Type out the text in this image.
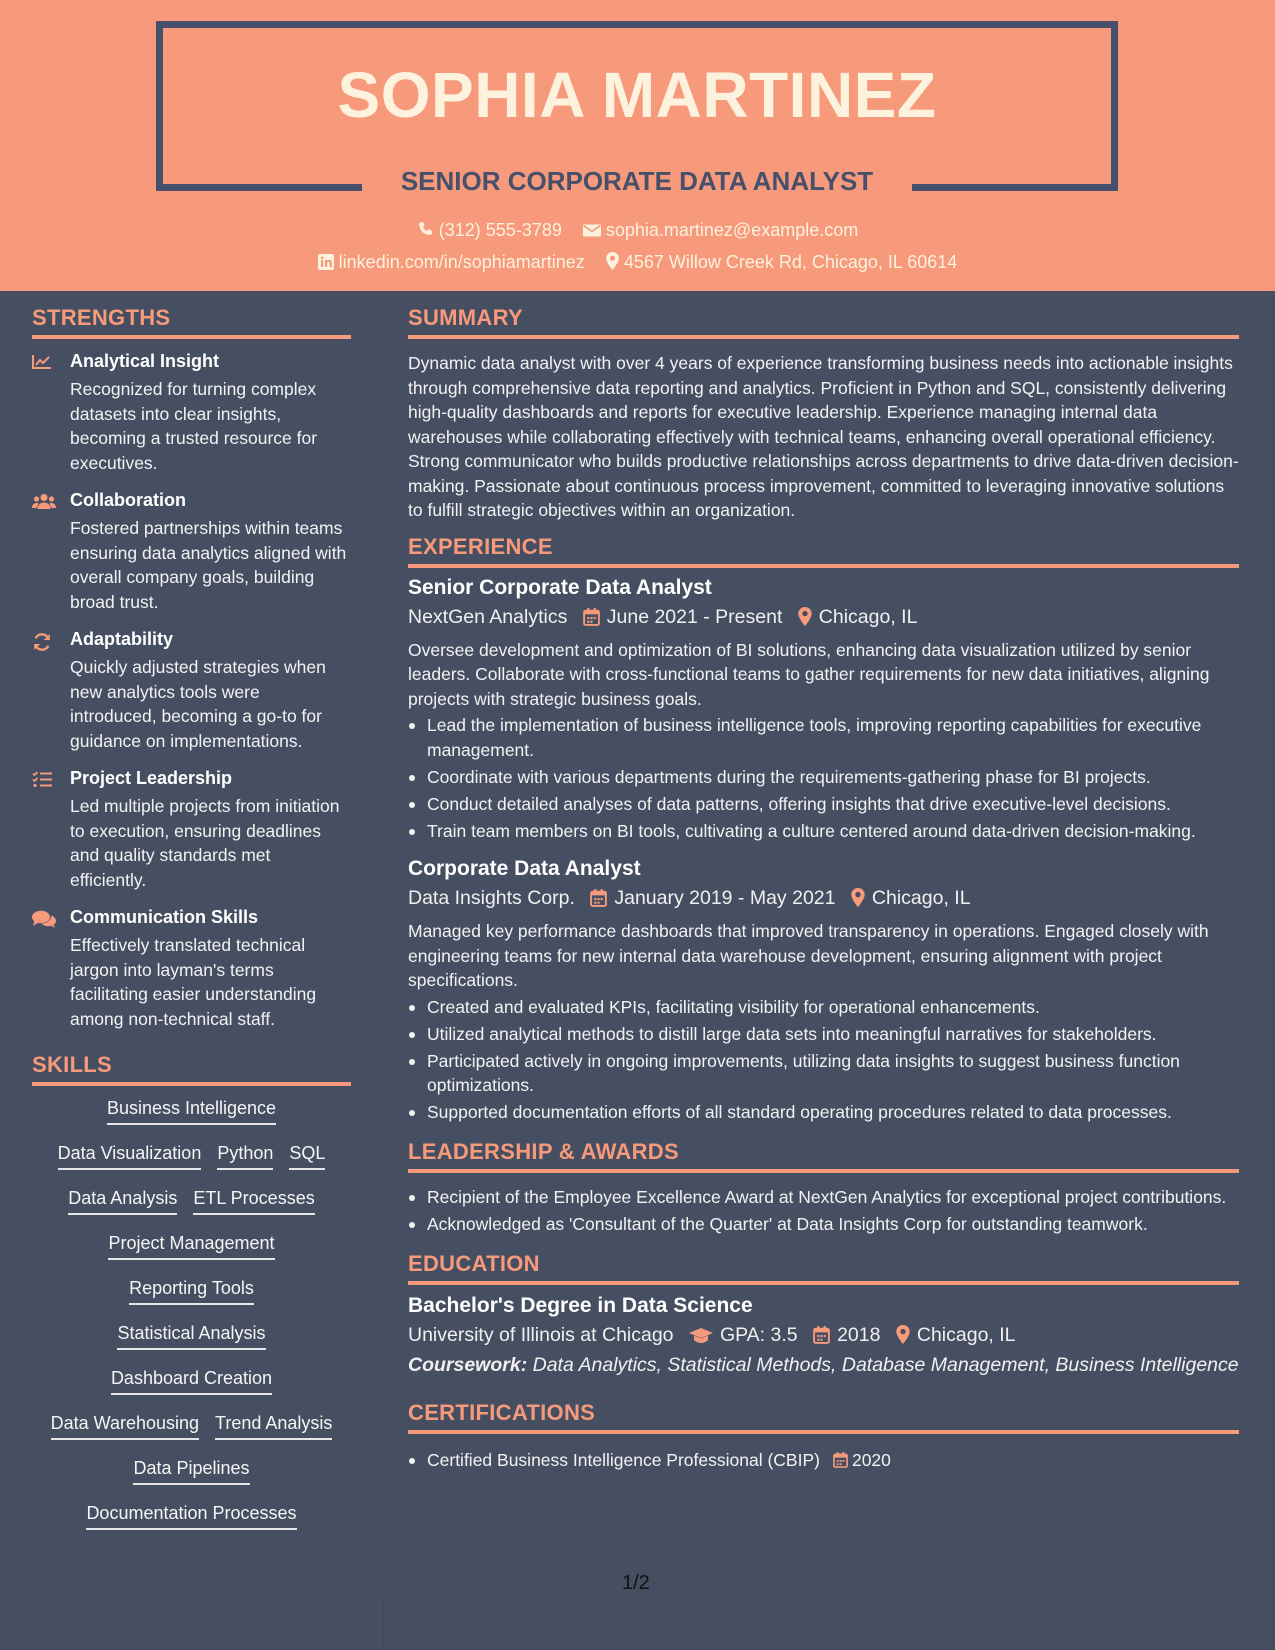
SOPHIA MARTINEZ
SENIOR CORPORATE DATA ANALYST
(312) 555-3789 sophia.martinez@example.com
linkedin.com/in/sophiamartinez 4567 Willow Creek Rd, Chicago, IL 60614
STRENGTHS
Analytical Insight
Recognized for turning complex datasets into clear insights, becoming a trusted resource for executives.
Collaboration
Fostered partnerships within teams ensuring data analytics aligned with overall company goals, building broad trust.
Adaptability
Quickly adjusted strategies when new analytics tools were introduced, becoming a go-to for guidance on implementations.
Project Leadership
Led multiple projects from initiation to execution, ensuring deadlines and quality standards met efficiently.
Communication Skills
Effectively translated technical jargon into layman's terms facilitating easier understanding among non-technical staff.
SKILLS
Business Intelligence
Data Visualization Python SQL
Data Analysis ETL Processes
Project Management
Reporting Tools
Statistical Analysis
Dashboard Creation
Data Warehousing Trend Analysis
Data Pipelines
Documentation Processes
SUMMARY
Dynamic data analyst with over 4 years of experience transforming business needs into actionable insights through comprehensive data reporting and analytics. Proficient in Python and SQL, consistently delivering high-quality dashboards and reports for executive leadership. Experience managing internal data warehouses while collaborating effectively with technical teams, enhancing overall operational efficiency. Strong communicator who builds productive relationships across departments to drive data-driven decision-making. Passionate about continuous process improvement, committed to leveraging innovative solutions to fulfill strategic objectives within an organization.
EXPERIENCE
Senior Corporate Data Analyst
NextGen Analytics June 2021 - Present Chicago, IL
Oversee development and optimization of BI solutions, enhancing data visualization utilized by senior leaders. Collaborate with cross-functional teams to gather requirements for new data initiatives, aligning projects with strategic business goals.
Lead the implementation of business intelligence tools, improving reporting capabilities for executive management.
Coordinate with various departments during the requirements-gathering phase for BI projects.
Conduct detailed analyses of data patterns, offering insights that drive executive-level decisions.
Train team members on BI tools, cultivating a culture centered around data-driven decision-making.
Corporate Data Analyst
Data Insights Corp. January 2019 - May 2021 Chicago, IL
Managed key performance dashboards that improved transparency in operations. Engaged closely with engineering teams for new internal data warehouse development, ensuring alignment with project specifications.
Created and evaluated KPIs, facilitating visibility for operational enhancements.
Utilized analytical methods to distill large data sets into meaningful narratives for stakeholders.
Participated actively in ongoing improvements, utilizing data insights to suggest business function optimizations.
Supported documentation efforts of all standard operating procedures related to data processes.
LEADERSHIP & AWARDS
Recipient of the Employee Excellence Award at NextGen Analytics for exceptional project contributions.
Acknowledged as 'Consultant of the Quarter' at Data Insights Corp for outstanding teamwork.
EDUCATION
Bachelor's Degree in Data Science
University of Illinois at Chicago GPA: 3.5 2018 Chicago, IL
Coursework: Data Analytics, Statistical Methods, Database Management, Business Intelligence
CERTIFICATIONS
Certified Business Intelligence Professional (CBIP) 2020
1/2
